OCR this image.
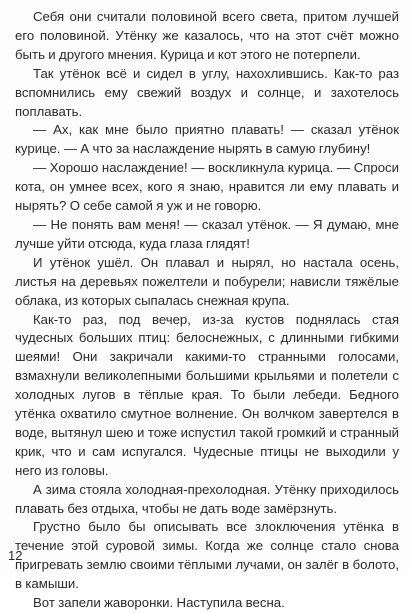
Себя они считали половиной всего света, притом лучшей его половиной. Утёнку же казалось, что на этот счёт можно быть и другого мнения. Курица и кот этого не потерпели.

Так утёнок всё и сидел в углу, нахохлившись. Как-то раз вспомнились ему свежий воздух и солнце, и захотелось поплавать.

— Ах, как мне было приятно плавать! — сказал утёнок курице. — А что за наслаждение нырять в самую глубину!

— Хорошо наслаждение! — воскликнула курица. — Спроси кота, он умнее всех, кого я знаю, нравится ли ему плавать и нырять? О себе самой я уж и не говорю.

— Не понять вам меня! — сказал утёнок. — Я думаю, мне лучше уйти отсюда, куда глаза глядят!

И утёнок ушёл. Он плавал и нырял, но настала осень, листья на деревьях пожелтели и побурели; нависли тяжёлые облака, из которых сыпалась снежная крупа.

Как-то раз, под вечер, из-за кустов поднялась стая чудесных больших птиц: белоснежных, с длинными гибкими шеями! Они закричали какими-то странными голосами, взмахнули великолепными большими крыльями и полетели с холодных лугов в тёплые края. То были лебеди. Бедного утёнка охватило смутное волнение. Он волчком завертелся в воде, вытянул шею и тоже испустил такой громкий и странный крик, что и сам испугался. Чудесные птицы не выходили у него из головы.

А зима стояла холодная-прехолодная. Утёнку приходилось плавать без отдыха, чтобы не дать воде замёрзнуть.

Грустно было бы описывать все злоключения утёнка в течение этой суровой зимы. Когда же солнце стало снова пригревать землю своими тёплыми лучами, он залёг в болото, в камыши.

Вот запели жаворонки. Наступила весна.

12
